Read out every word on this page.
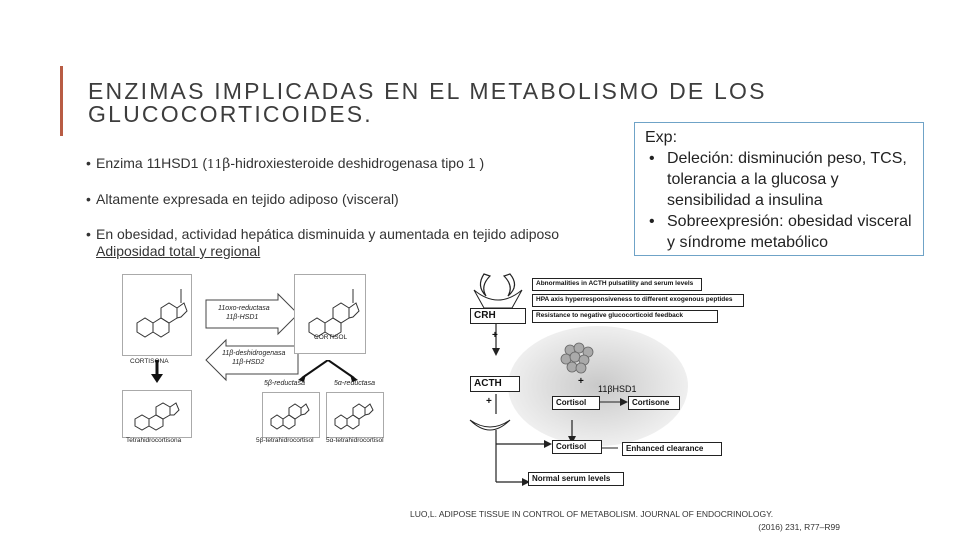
ENZIMAS IMPLICADAS EN EL METABOLISMO DE LOS
GLUCOCORTICOIDES.
• Enzima 11HSD1 (11β-hidroxiesteroide deshidrogenasa tipo 1 )
• Altamente expresada en tejido adiposo (visceral)
• En obesidad, actividad hepática disminuida y aumentada en tejido adiposo
Adiposidad total y regional
Exp:
• Deleción: disminución peso, TCS, tolerancia a la glucosa y sensibilidad a insulina
• Sobreexpresión: obesidad visceral y síndrome metabólico
CORTISONA
11oxo-reductasa
11β-HSD1
11β-deshidrogenasa
11β-HSD2
CORTISOL
5β-reductasa	5α-reductasa
Tetrahidrocortisona	5β-tetrahidrocortisol 5α-tetrahidrocortisol
CRH
ACTH
+
+
+
Abnormalities in ACTH pulsatility and serum levels
HPA axis hyperresponsiveness to different exogenous peptides
Resistance to negative glucocorticoid feedback
11βHSD1
Cortisol	Cortisone
Cortisol	Enhanced clearance
Normal serum levels
LUO,L. ADIPOSE TISSUE IN CONTROL OF METABOLISM. JOURNAL OF ENDOCRINOLOGY.
(2016) 231, R77–R99
